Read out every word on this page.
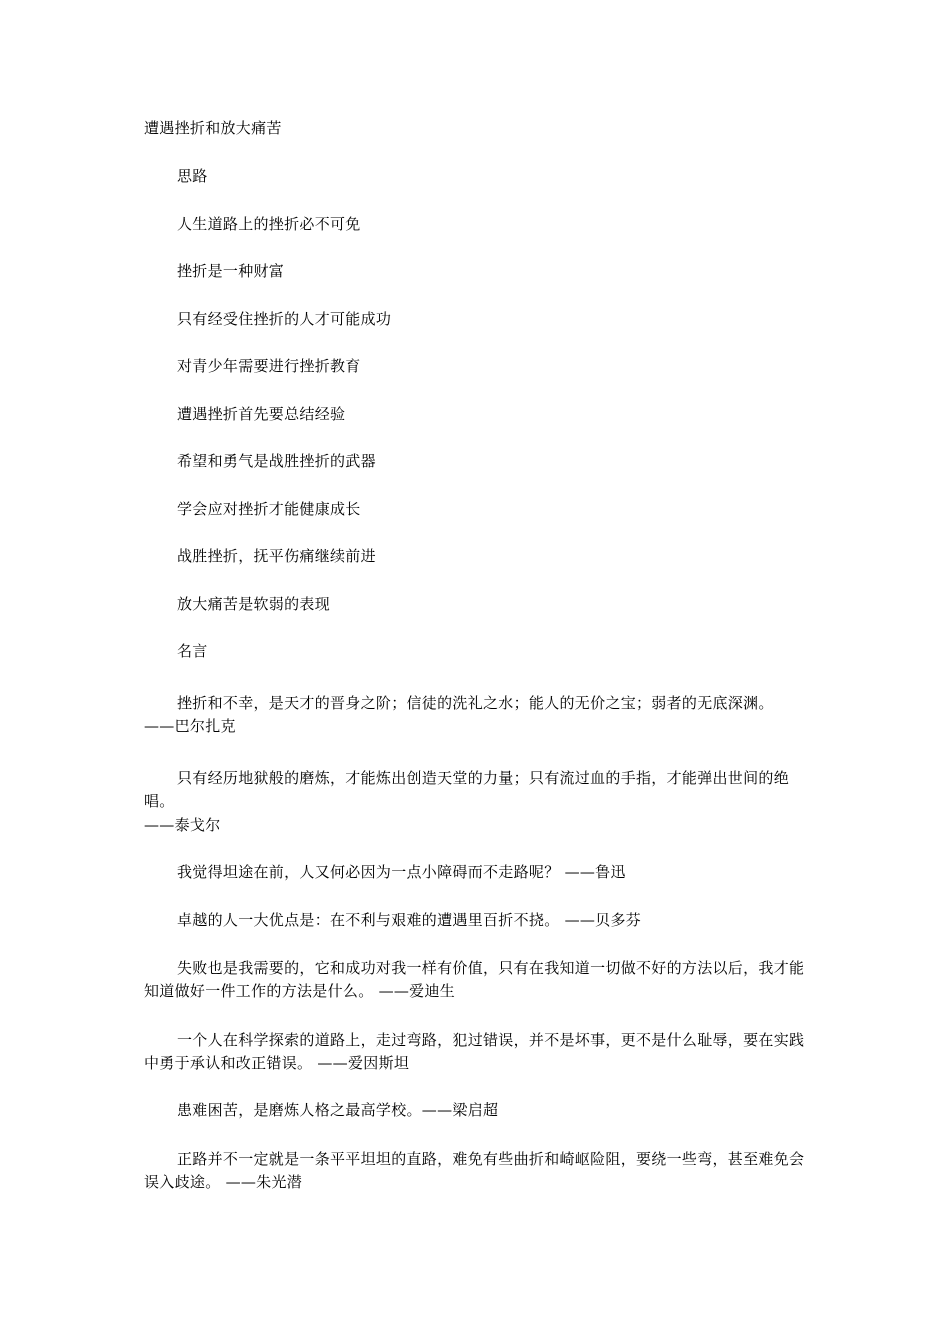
遭遇挫折和放大痛苦
思路
人生道路上的挫折必不可免
挫折是一种财富
只有经受住挫折的人才可能成功
对青少年需要进行挫折教育
遭遇挫折首先要总结经验
希望和勇气是战胜挫折的武器
学会应对挫折才能健康成长
战胜挫折，抚平伤痛继续前进
放大痛苦是软弱的表现
名言
挫折和不幸，是天才的晋身之阶；信徒的洗礼之水；能人的无价之宝；弱者的无底深渊。
——巴尔扎克
只有经历地狱般的磨炼，才能炼出创造天堂的力量；只有流过血的手指，才能弹出世间的绝唱。
——泰戈尔
我觉得坦途在前，人又何必因为一点小障碍而不走路呢？ ——鲁迅
卓越的人一大优点是：在不利与艰难的遭遇里百折不挠。 ——贝多芬
失败也是我需要的，它和成功对我一样有价值，只有在我知道一切做不好的方法以后，我才能知道做好一件工作的方法是什么。 ——爱迪生
一个人在科学探索的道路上，走过弯路，犯过错误，并不是坏事，更不是什么耻辱，要在实践中勇于承认和改正错误。 ——爱因斯坦
患难困苦，是磨炼人格之最高学校。——梁启超
正路并不一定就是一条平平坦坦的直路，难免有些曲折和崎岖险阻，要绕一些弯，甚至难免会误入歧途。 ——朱光潜
